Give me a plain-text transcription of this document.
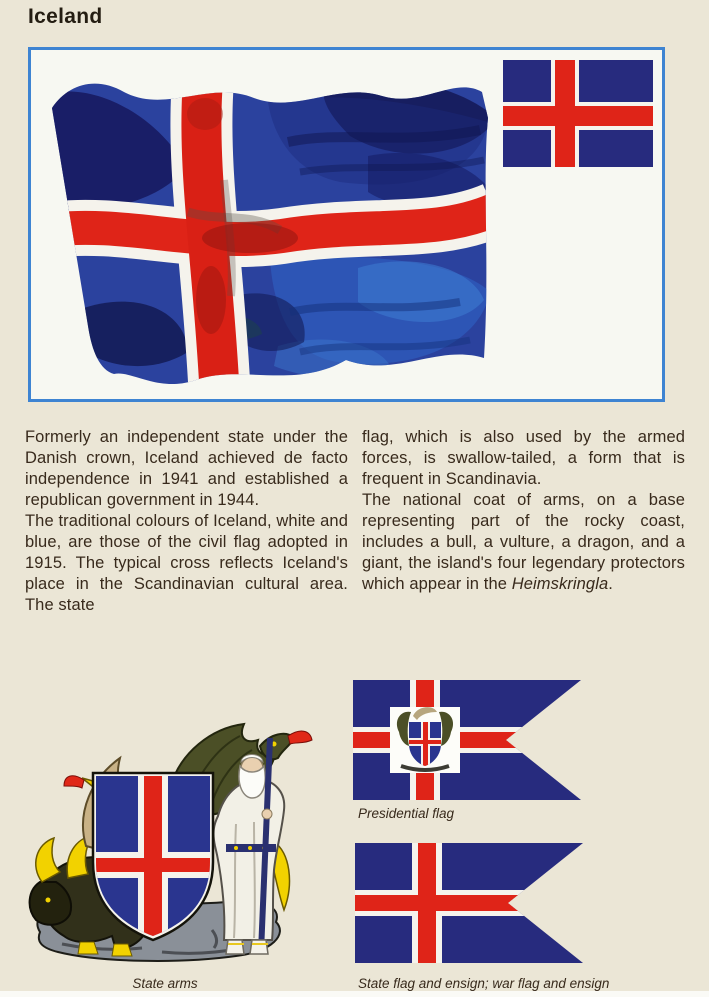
Iceland

Formerly an independent state under the Danish crown, Iceland achieved de facto independence in 1941 and established a republican government in 1944.

The traditional colours of Iceland, white and blue, are those of the civil flag adopted in 1915. The typical cross reflects Iceland's place in the Scandinavian cultural area. The state

flag, which is also used by the armed forces, is swallow-tailed, a form that is frequent in Scandinavia.

The national coat of arms, on a base representing part of the rocky coast, includes a bull, a vulture, a dragon, and a giant, the island's four legendary protectors which appear in the Heimskringla.

State arms
Presidential flag
State flag and ensign; war flag and ensign
